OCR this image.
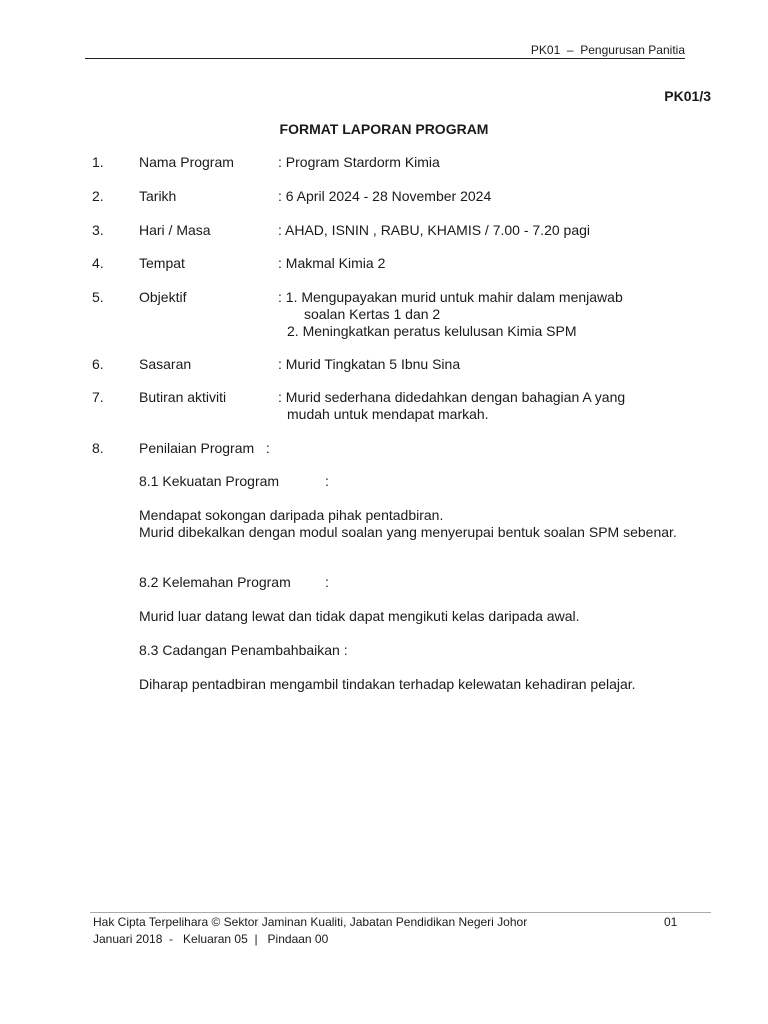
PK01  –  Pengurusan Panitia
PK01/3
FORMAT LAPORAN PROGRAM
1.	Nama Program	: Program Stardorm Kimia
2.	Tarikh	: 6 April 2024 - 28 November 2024
3.	Hari / Masa	: AHAD, ISNIN , RABU, KHAMIS / 7.00 - 7.20 pagi
4.	Tempat	: Makmal Kimia 2
5.	Objektif	: 1. Mengupayakan murid untuk mahir dalam menjawab
soalan Kertas 1 dan 2
2. Meningkatkan peratus kelulusan Kimia SPM
6.	Sasaran	: Murid Tingkatan 5 Ibnu Sina
7.	Butiran aktiviti	: Murid sederhana didedahkan dengan bahagian A yang
mudah untuk mendapat markah.
8.	Penilaian Program   :
8.1 Kekuatan Program	:
Mendapat sokongan daripada pihak pentadbiran.
Murid dibekalkan dengan modul soalan yang menyerupai bentuk soalan SPM sebenar.
8.2 Kelemahan Program :
Murid luar datang lewat dan tidak dapat mengikuti kelas daripada awal.
8.3 Cadangan Penambahbaikan :
Diharap pentadbiran mengambil tindakan terhadap kelewatan kehadiran pelajar.
Hak Cipta Terpelihara © Sektor Jaminan Kualiti, Jabatan Pendidikan Negeri Johor	01
Januari 2018  -   Keluaran 05  |   Pindaan 00
